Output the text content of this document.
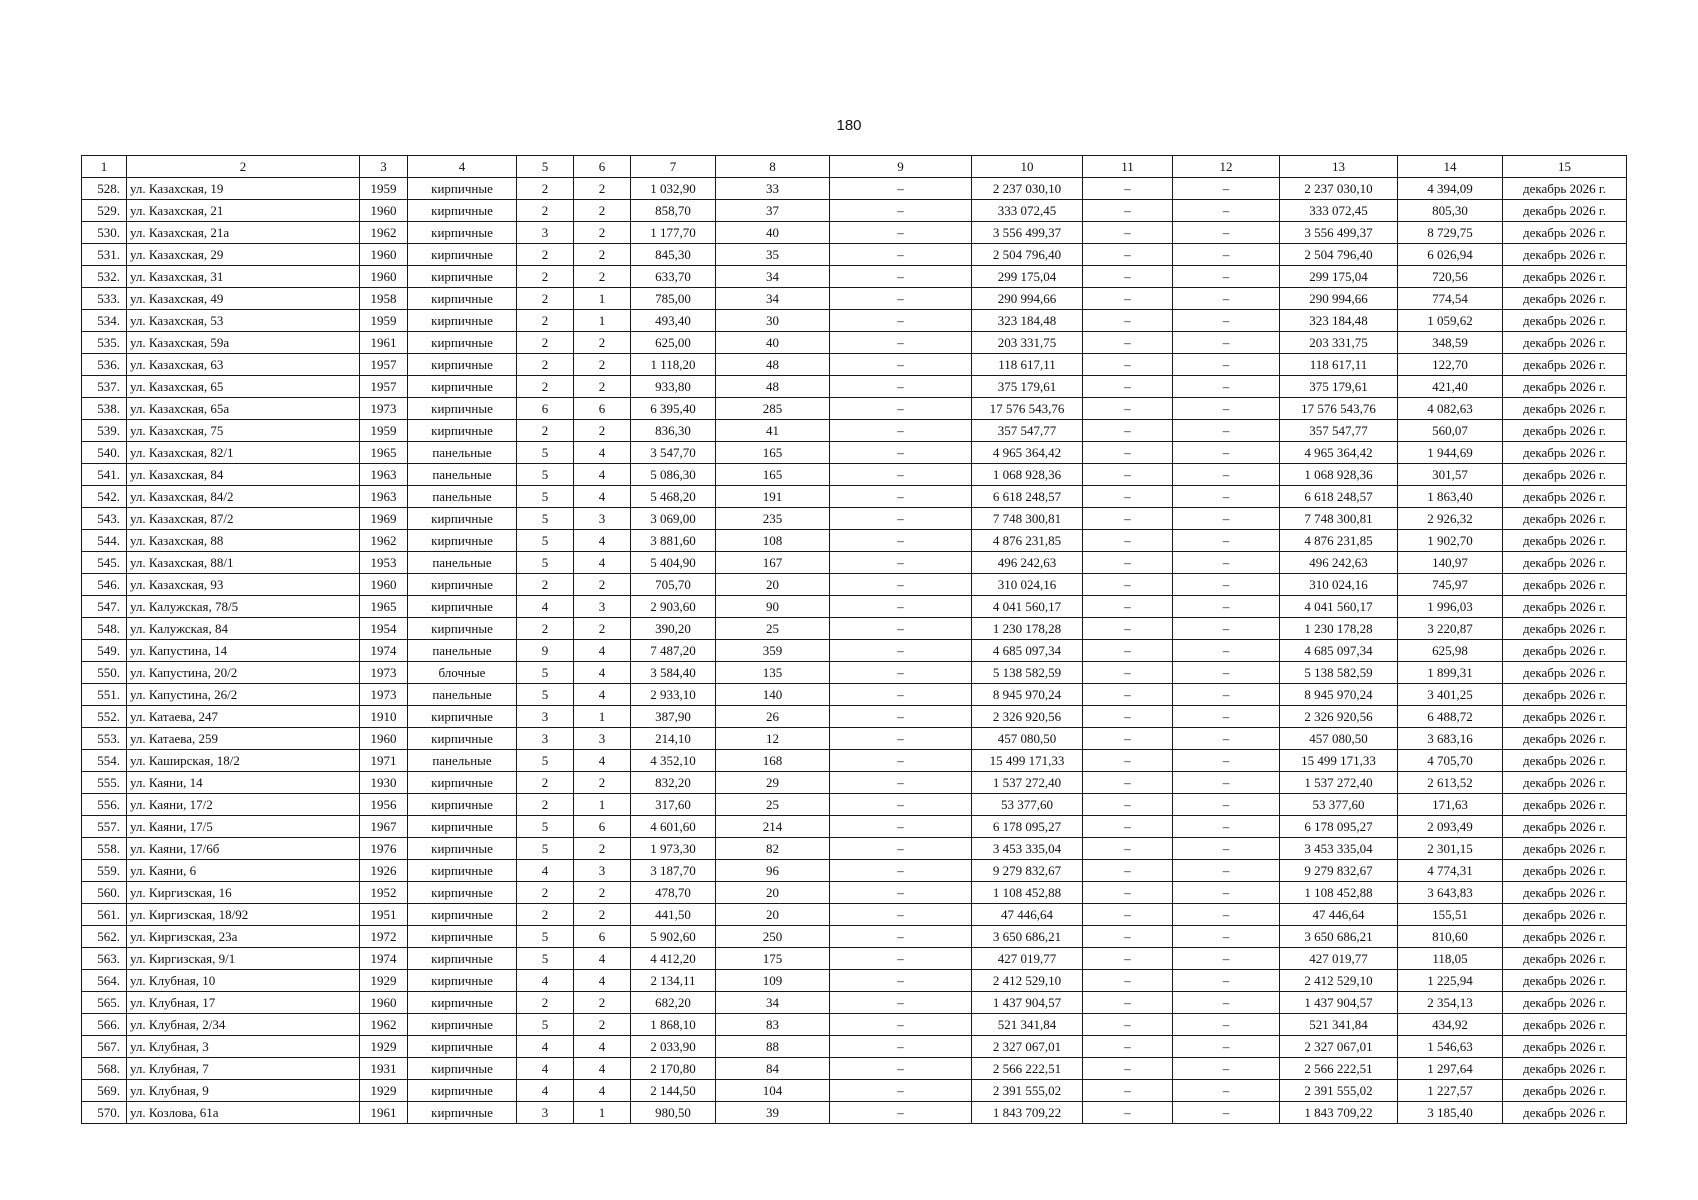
180
1	2	3	4	5	6	7	8	9	10	11	12	13	14	15
528.	ул. Казахская, 19	1959	кирпичные	2	2	1 032,90	33	–	2 237 030,10	–	–	2 237 030,10	4 394,09	декабрь 2026 г.
529.	ул. Казахская, 21	1960	кирпичные	2	2	858,70	37	–	333 072,45	–	–	333 072,45	805,30	декабрь 2026 г.
530.	ул. Казахская, 21а	1962	кирпичные	3	2	1 177,70	40	–	3 556 499,37	–	–	3 556 499,37	8 729,75	декабрь 2026 г.
531.	ул. Казахская, 29	1960	кирпичные	2	2	845,30	35	–	2 504 796,40	–	–	2 504 796,40	6 026,94	декабрь 2026 г.
532.	ул. Казахская, 31	1960	кирпичные	2	2	633,70	34	–	299 175,04	–	–	299 175,04	720,56	декабрь 2026 г.
533.	ул. Казахская, 49	1958	кирпичные	2	1	785,00	34	–	290 994,66	–	–	290 994,66	774,54	декабрь 2026 г.
534.	ул. Казахская, 53	1959	кирпичные	2	1	493,40	30	–	323 184,48	–	–	323 184,48	1 059,62	декабрь 2026 г.
535.	ул. Казахская, 59а	1961	кирпичные	2	2	625,00	40	–	203 331,75	–	–	203 331,75	348,59	декабрь 2026 г.
536.	ул. Казахская, 63	1957	кирпичные	2	2	1 118,20	48	–	118 617,11	–	–	118 617,11	122,70	декабрь 2026 г.
537.	ул. Казахская, 65	1957	кирпичные	2	2	933,80	48	–	375 179,61	–	–	375 179,61	421,40	декабрь 2026 г.
538.	ул. Казахская, 65а	1973	кирпичные	6	6	6 395,40	285	–	17 576 543,76	–	–	17 576 543,76	4 082,63	декабрь 2026 г.
539.	ул. Казахская, 75	1959	кирпичные	2	2	836,30	41	–	357 547,77	–	–	357 547,77	560,07	декабрь 2026 г.
540.	ул. Казахская, 82/1	1965	панельные	5	4	3 547,70	165	–	4 965 364,42	–	–	4 965 364,42	1 944,69	декабрь 2026 г.
541.	ул. Казахская, 84	1963	панельные	5	4	5 086,30	165	–	1 068 928,36	–	–	1 068 928,36	301,57	декабрь 2026 г.
542.	ул. Казахская, 84/2	1963	панельные	5	4	5 468,20	191	–	6 618 248,57	–	–	6 618 248,57	1 863,40	декабрь 2026 г.
543.	ул. Казахская, 87/2	1969	кирпичные	5	3	3 069,00	235	–	7 748 300,81	–	–	7 748 300,81	2 926,32	декабрь 2026 г.
544.	ул. Казахская, 88	1962	кирпичные	5	4	3 881,60	108	–	4 876 231,85	–	–	4 876 231,85	1 902,70	декабрь 2026 г.
545.	ул. Казахская, 88/1	1953	панельные	5	4	5 404,90	167	–	496 242,63	–	–	496 242,63	140,97	декабрь 2026 г.
546.	ул. Казахская, 93	1960	кирпичные	2	2	705,70	20	–	310 024,16	–	–	310 024,16	745,97	декабрь 2026 г.
547.	ул. Калужская, 78/5	1965	кирпичные	4	3	2 903,60	90	–	4 041 560,17	–	–	4 041 560,17	1 996,03	декабрь 2026 г.
548.	ул. Калужская, 84	1954	кирпичные	2	2	390,20	25	–	1 230 178,28	–	–	1 230 178,28	3 220,87	декабрь 2026 г.
549.	ул. Капустина, 14	1974	панельные	9	4	7 487,20	359	–	4 685 097,34	–	–	4 685 097,34	625,98	декабрь 2026 г.
550.	ул. Капустина, 20/2	1973	блочные	5	4	3 584,40	135	–	5 138 582,59	–	–	5 138 582,59	1 899,31	декабрь 2026 г.
551.	ул. Капустина, 26/2	1973	панельные	5	4	2 933,10	140	–	8 945 970,24	–	–	8 945 970,24	3 401,25	декабрь 2026 г.
552.	ул. Катаева, 247	1910	кирпичные	3	1	387,90	26	–	2 326 920,56	–	–	2 326 920,56	6 488,72	декабрь 2026 г.
553.	ул. Катаева, 259	1960	кирпичные	3	3	214,10	12	–	457 080,50	–	–	457 080,50	3 683,16	декабрь 2026 г.
554.	ул. Каширская, 18/2	1971	панельные	5	4	4 352,10	168	–	15 499 171,33	–	–	15 499 171,33	4 705,70	декабрь 2026 г.
555.	ул. Каяни, 14	1930	кирпичные	2	2	832,20	29	–	1 537 272,40	–	–	1 537 272,40	2 613,52	декабрь 2026 г.
556.	ул. Каяни, 17/2	1956	кирпичные	2	1	317,60	25	–	53 377,60	–	–	53 377,60	171,63	декабрь 2026 г.
557.	ул. Каяни, 17/5	1967	кирпичные	5	6	4 601,60	214	–	6 178 095,27	–	–	6 178 095,27	2 093,49	декабрь 2026 г.
558.	ул. Каяни, 17/6б	1976	кирпичные	5	2	1 973,30	82	–	3 453 335,04	–	–	3 453 335,04	2 301,15	декабрь 2026 г.
559.	ул. Каяни, 6	1926	кирпичные	4	3	3 187,70	96	–	9 279 832,67	–	–	9 279 832,67	4 774,31	декабрь 2026 г.
560.	ул. Киргизская, 16	1952	кирпичные	2	2	478,70	20	–	1 108 452,88	–	–	1 108 452,88	3 643,83	декабрь 2026 г.
561.	ул. Киргизская, 18/92	1951	кирпичные	2	2	441,50	20	–	47 446,64	–	–	47 446,64	155,51	декабрь 2026 г.
562.	ул. Киргизская, 23а	1972	кирпичные	5	6	5 902,60	250	–	3 650 686,21	–	–	3 650 686,21	810,60	декабрь 2026 г.
563.	ул. Киргизская, 9/1	1974	кирпичные	5	4	4 412,20	175	–	427 019,77	–	–	427 019,77	118,05	декабрь 2026 г.
564.	ул. Клубная, 10	1929	кирпичные	4	4	2 134,11	109	–	2 412 529,10	–	–	2 412 529,10	1 225,94	декабрь 2026 г.
565.	ул. Клубная, 17	1960	кирпичные	2	2	682,20	34	–	1 437 904,57	–	–	1 437 904,57	2 354,13	декабрь 2026 г.
566.	ул. Клубная, 2/34	1962	кирпичные	5	2	1 868,10	83	–	521 341,84	–	–	521 341,84	434,92	декабрь 2026 г.
567.	ул. Клубная, 3	1929	кирпичные	4	4	2 033,90	88	–	2 327 067,01	–	–	2 327 067,01	1 546,63	декабрь 2026 г.
568.	ул. Клубная, 7	1931	кирпичные	4	4	2 170,80	84	–	2 566 222,51	–	–	2 566 222,51	1 297,64	декабрь 2026 г.
569.	ул. Клубная, 9	1929	кирпичные	4	4	2 144,50	104	–	2 391 555,02	–	–	2 391 555,02	1 227,57	декабрь 2026 г.
570.	ул. Козлова, 61а	1961	кирпичные	3	1	980,50	39	–	1 843 709,22	–	–	1 843 709,22	3 185,40	декабрь 2026 г.
